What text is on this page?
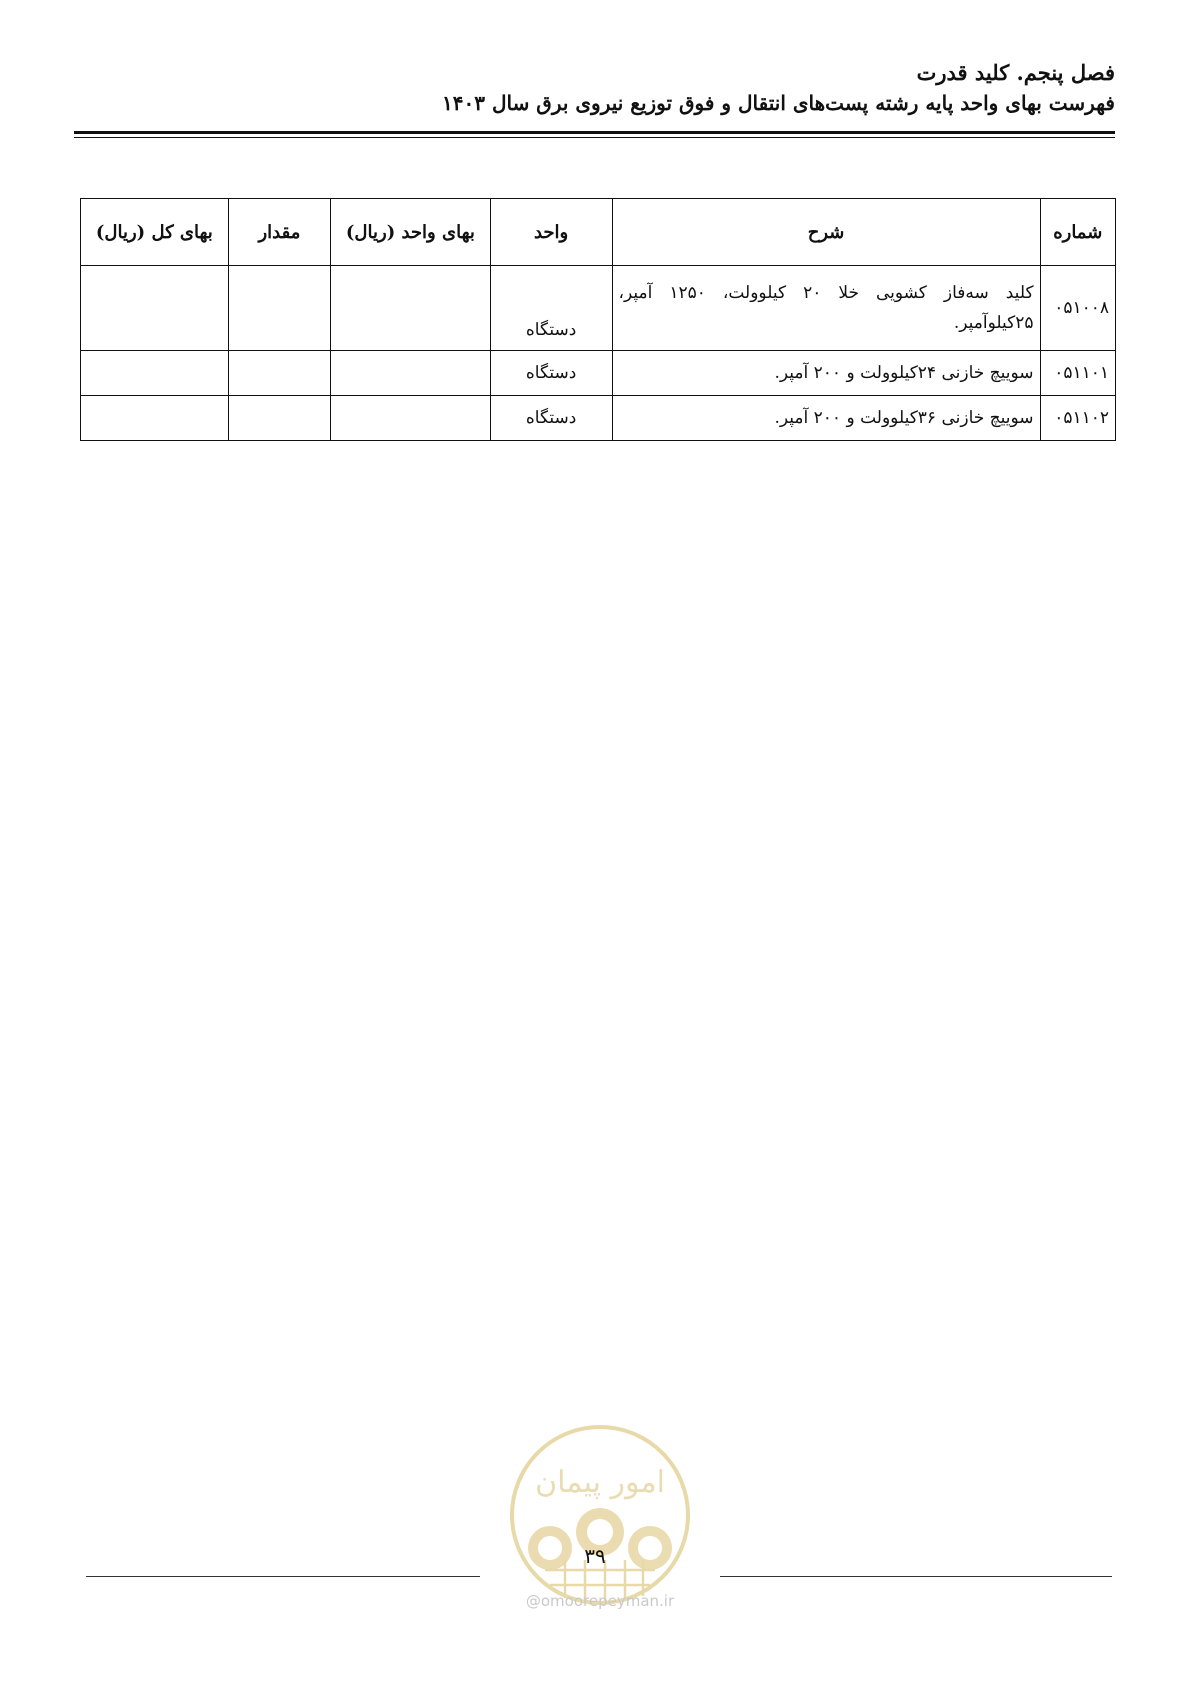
فصل پنجم. کلید قدرت
فهرست بهای واحد پایه رشته پست‌های انتقال و فوق توزیع نیروی برق سال ۱۴۰۳
شماره	شرح	واحد	بهای واحد (ریال)	مقدار	بهای کل (ریال)
۰۵۱۰۰۸	کلید سه‌فاز کشویی خلا ۲۰ کیلوولت، ۱۲۵۰ آمپر، ۲۵کیلوآمپر.	دستگاه			
۰۵۱۱۰۱	سوییچ خازنی ۲۴کیلوولت و ۲۰۰ آمپر.	دستگاه			
۰۵۱۱۰۲	سوییچ خازنی ۳۶کیلوولت و ۲۰۰ آمپر.	دستگاه			
امور پیمان
۳۹
@omoorepeyman.ir
